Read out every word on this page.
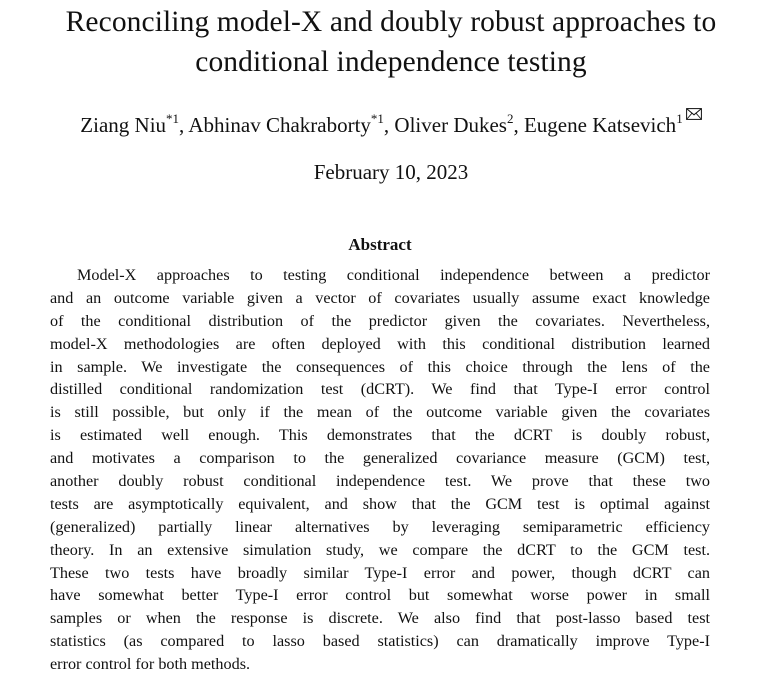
Reconciling model-X and doubly robust approaches to
conditional independence testing
Ziang Niu$^{*1}$, Abhinav Chakraborty$^{*1}$, Oliver Dukes$^2$, Eugene Katsevich$^1$
February 10, 2023
Abstract
Model-X approaches to testing conditional independence between a predictor
and an outcome variable given a vector of covariates usually assume exact knowledge
of the conditional distribution of the predictor given the covariates. Nevertheless,
model-X methodologies are often deployed with this conditional distribution learned
in sample. We investigate the consequences of this choice through the lens of the
distilled conditional randomization test (dCRT). We find that Type-I error control
is still possible, but only if the mean of the outcome variable given the covariates
is estimated well enough. This demonstrates that the dCRT is doubly robust,
and motivates a comparison to the generalized covariance measure (GCM) test,
another doubly robust conditional independence test. We prove that these two
tests are asymptotically equivalent, and show that the GCM test is optimal against
(generalized) partially linear alternatives by leveraging semiparametric efficiency
theory. In an extensive simulation study, we compare the dCRT to the GCM test.
These two tests have broadly similar Type-I error and power, though dCRT can
have somewhat better Type-I error control but somewhat worse power in small
samples or when the response is discrete. We also find that post-lasso based test
statistics (as compared to lasso based statistics) can dramatically improve Type-I
error control for both methods.
